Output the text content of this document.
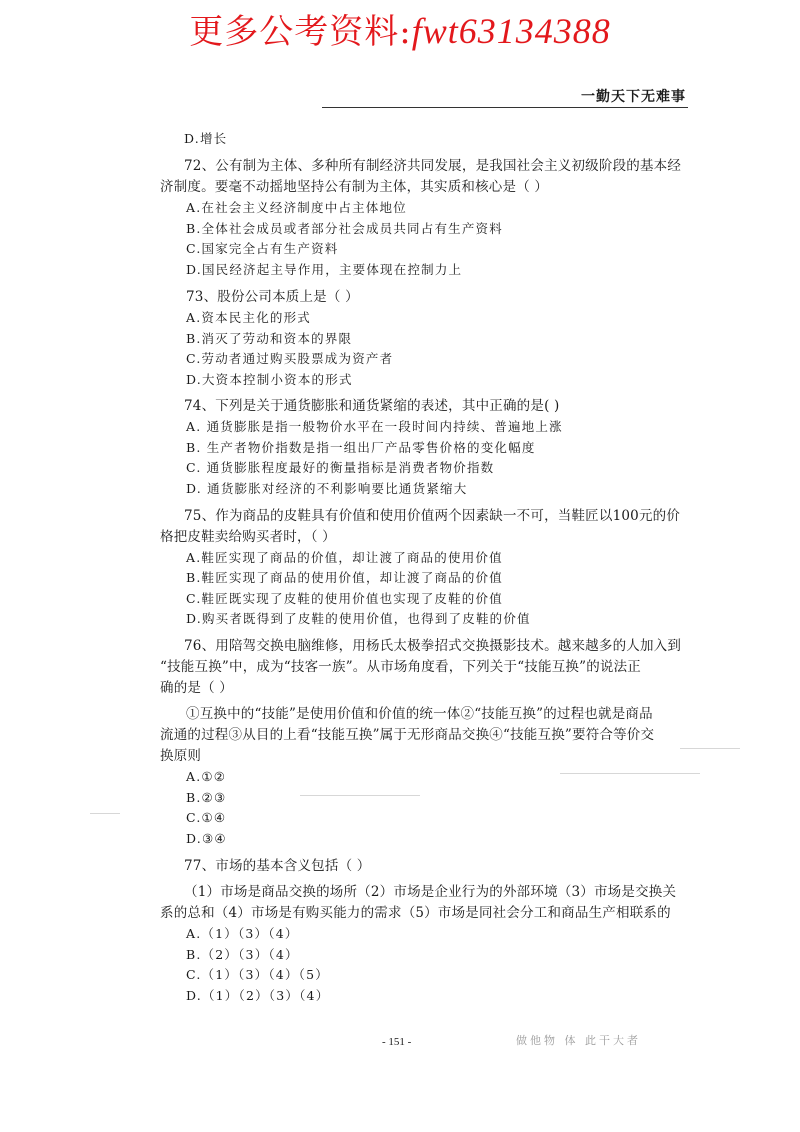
更多公考资料:fwt63134388
一勤天下无难事
D.增长
72、公有制为主体、多种所有制经济共同发展，是我国社会主义初级阶段的基本经
济制度。要毫不动摇地坚持公有制为主体，其实质和核心是（ ）
A.在社会主义经济制度中占主体地位
B.全体社会成员或者部分社会成员共同占有生产资料
C.国家完全占有生产资料
D.国民经济起主导作用，主要体现在控制力上
73、股份公司本质上是（ ）
A.资本民主化的形式
B.消灭了劳动和资本的界限
C.劳动者通过购买股票成为资产者
D.大资本控制小资本的形式
74、下列是关于通货膨胀和通货紧缩的表述，其中正确的是( )
A. 通货膨胀是指一般物价水平在一段时间内持续、普遍地上涨
B. 生产者物价指数是指一组出厂产品零售价格的变化幅度
C. 通货膨胀程度最好的衡量指标是消费者物价指数
D. 通货膨胀对经济的不利影响要比通货紧缩大
75、作为商品的皮鞋具有价值和使用价值两个因素缺一不可，当鞋匠以100元的价
格把皮鞋卖给购买者时，（ ）
A.鞋匠实现了商品的价值，却让渡了商品的使用价值
B.鞋匠实现了商品的使用价值，却让渡了商品的价值
C.鞋匠既实现了皮鞋的使用价值也实现了皮鞋的价值
D.购买者既得到了皮鞋的使用价值，也得到了皮鞋的价值
76、用陪驾交换电脑维修，用杨氏太极拳招式交换摄影技术。越来越多的人加入到
“技能互换”中，成为“技客一族”。从市场角度看，下列关于“技能互换”的说法正
确的是（ ）
①互换中的“技能”是使用价值和价值的统一体②“技能互换”的过程也就是商品
流通的过程③从目的上看“技能互换”属于无形商品交换④“技能互换”要符合等价交
换原则
A.①②
B.②③
C.①④
D.③④
77、市场的基本含义包括（ ）
（1）市场是商品交换的场所（2）市场是企业行为的外部环境（3）市场是交换关
系的总和（4）市场是有购买能力的需求（5）市场是同社会分工和商品生产相联系的
A.（1）（3）（4）
B.（2）（3）（4）
C.（1）（3）（4）（5）
D.（1）（2）（3）（4）
- 151 -	做他物 体 此干大者
